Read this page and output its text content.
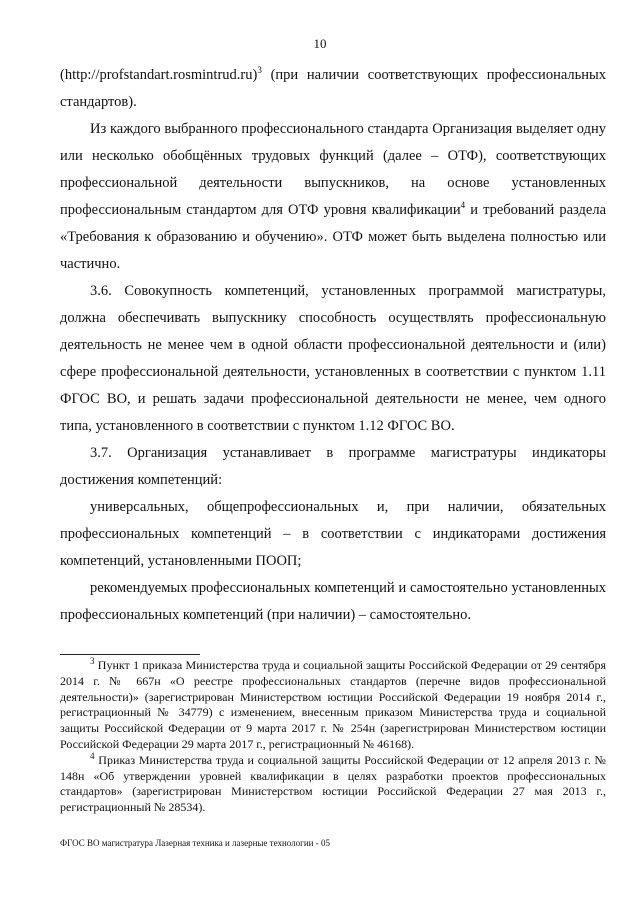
10

(http://profstandart.rosmintrud.ru)$^3$ (при наличии соответствующих профессиональных стандартов).

Из каждого выбранного профессионального стандарта Организация выделяет одну или несколько обобщённых трудовых функций (далее – ОТФ), соответствующих профессиональной деятельности выпускников, на основе установленных профессиональным стандартом для ОТФ уровня квалификации$^4$ и требований раздела «Требования к образованию и обучению». ОТФ может быть выделена полностью или частично.

3.6. Совокупность компетенций, установленных программой магистратуры, должна обеспечивать выпускнику способность осуществлять профессиональную деятельность не менее чем в одной области профессиональной деятельности и (или) сфере профессиональной деятельности, установленных в соответствии с пунктом 1.11 ФГОС ВО, и решать задачи профессиональной деятельности не менее, чем одного типа, установленного в соответствии с пунктом 1.12 ФГОС ВО.

3.7. Организация устанавливает в программе магистратуры индикаторы достижения компетенций:

универсальных, общепрофессиональных и, при наличии, обязательных профессиональных компетенций – в соответствии с индикаторами достижения компетенций, установленными ПООП;

рекомендуемых профессиональных компетенций и самостоятельно установленных профессиональных компетенций (при наличии) – самостоятельно.

$^3$ Пункт 1 приказа Министерства труда и социальной защиты Российской Федерации от 29 сентября 2014 г. № 667н «О реестре профессиональных стандартов (перечне видов профессиональной деятельности)» (зарегистрирован Министерством юстиции Российской Федерации 19 ноября 2014 г., регистрационный № 34779) с изменением, внесенным приказом Министерства труда и социальной защиты Российской Федерации от 9 марта 2017 г. № 254н (зарегистрирован Министерством юстиции Российской Федерации 29 марта 2017 г., регистрационный № 46168).

$^4$ Приказ Министерства труда и социальной защиты Российской Федерации от 12 апреля 2013 г. № 148н «Об утверждении уровней квалификации в целях разработки проектов профессиональных стандартов» (зарегистрирован Министерством юстиции Российской Федерации 27 мая 2013 г., регистрационный № 28534).

ФГОС ВО магистратура Лазерная техника и лазерные технологии - 05
